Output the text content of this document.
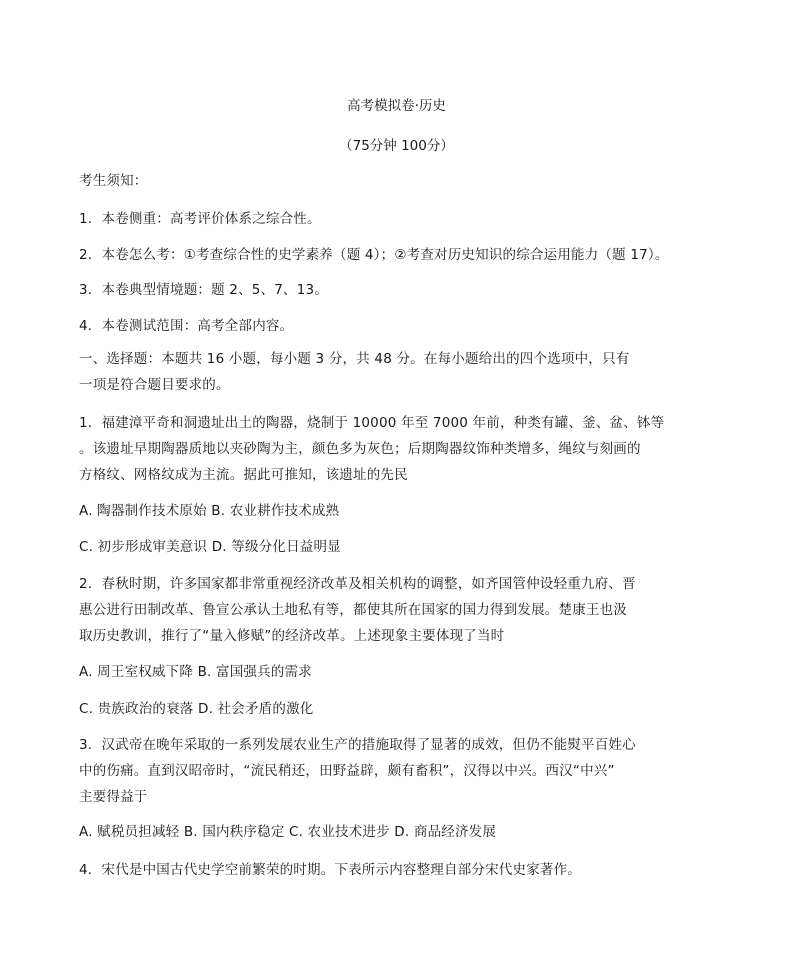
高考模拟卷·历史
（75分钟 100分）
考生须知：
1．本卷侧重：高考评价体系之综合性。
2．本卷怎么考：①考查综合性的史学素养（题 4）；②考查对历史知识的综合运用能力（题 17）。
3．本卷典型情境题：题 2、5、7、13。
4．本卷测试范围：高考全部内容。
一、选择题：本题共 16 小题，每小题 3 分，共 48 分。在每小题给出的四个选项中，只有
一项是符合题目要求的。
1．福建漳平奇和洞遗址出土的陶器，烧制于 10000 年至 7000 年前，种类有罐、釜、盆、钵等
。该遗址早期陶器质地以夹砂陶为主，颜色多为灰色；后期陶器纹饰种类增多，绳纹与刻画的
方格纹、网格纹成为主流。据此可推知，该遗址的先民
A. 陶器制作技术原始 B. 农业耕作技术成熟
C. 初步形成审美意识 D. 等级分化日益明显
2．春秋时期，许多国家都非常重视经济改革及相关机构的调整，如齐国管仲设轻重九府、晋
惠公进行田制改革、鲁宣公承认土地私有等，都使其所在国家的国力得到发展。楚康王也汲
取历史教训，推行了“量入修赋”的经济改革。上述现象主要体现了当时
A. 周王室权威下降 B. 富国强兵的需求
C. 贵族政治的衰落 D. 社会矛盾的激化
3．汉武帝在晚年采取的一系列发展农业生产的措施取得了显著的成效，但仍不能熨平百姓心
中的伤痛。直到汉昭帝时，“流民稍还，田野益辟，颇有畜积”，汉得以中兴。西汉“中兴”
主要得益于
A. 赋税员担减轻 B. 国内秩序稳定 C. 农业技术进步 D. 商品经济发展
4．宋代是中国古代史学空前繁荣的时期。下表所示内容整理自部分宋代史家著作。
